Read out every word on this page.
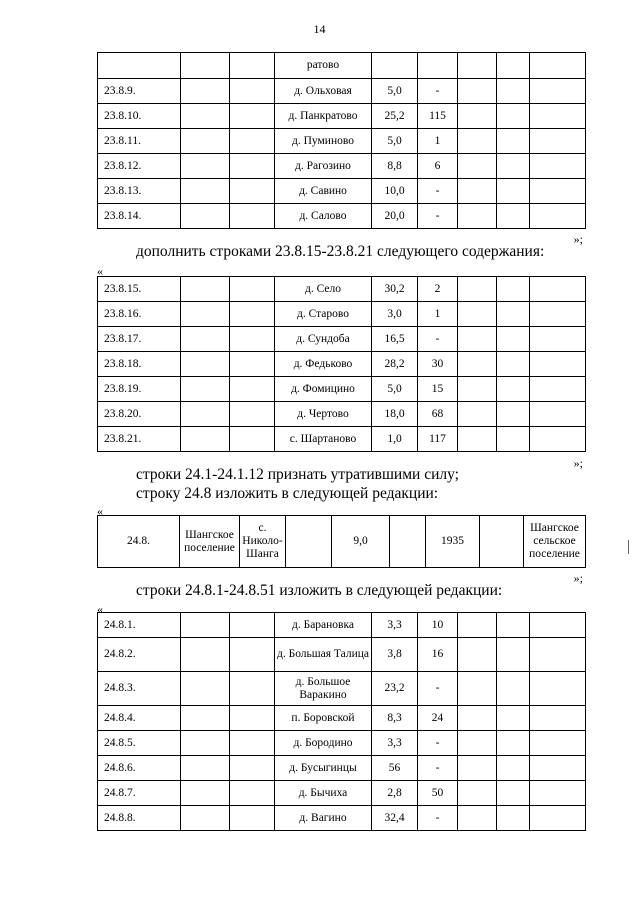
14
			ратово					
23.8.9.			д. Ольховая	5,0	-			
23.8.10.			д. Панкратово	25,2	115			
23.8.11.			д. Пуминово	5,0	1			
23.8.12.			д. Рагозино	8,8	6			
23.8.13.			д. Савино	10,0	-			
23.8.14.			д. Салово	20,0	-			
»;
дополнить строками 23.8.15-23.8.21 следующего содержания:
«
23.8.15.			д. Село	30,2	2			
23.8.16.			д. Старово	3,0	1			
23.8.17.			д. Сундоба	16,5	-			
23.8.18.			д. Федьково	28,2	30			
23.8.19.			д. Фомицино	5,0	15			
23.8.20.			д. Чертово	18,0	68			
23.8.21.			с. Шартаново	1,0	117			
»;
строки 24.1-24.1.12 признать утратившими силу;
строку 24.8 изложить в следующей редакции:
«
24.8.	Шангское поселение	с. Николо-Шанга		9,0		1935		Шангское сельское поселение
»;
строки 24.8.1-24.8.51 изложить в следующей редакции:
«
24.8.1.			д. Барановка	3,3	10			
24.8.2.			д. Большая Талица	3,8	16			
24.8.3.			д. Большое Варакино	23,2	-			
24.8.4.			п. Боровской	8,3	24			
24.8.5.			д. Бородино	3,3	-			
24.8.6.			д. Бусыгинцы	56	-			
24.8.7.			д. Бычиха	2,8	50			
24.8.8.			д. Вагино	32,4	-			
